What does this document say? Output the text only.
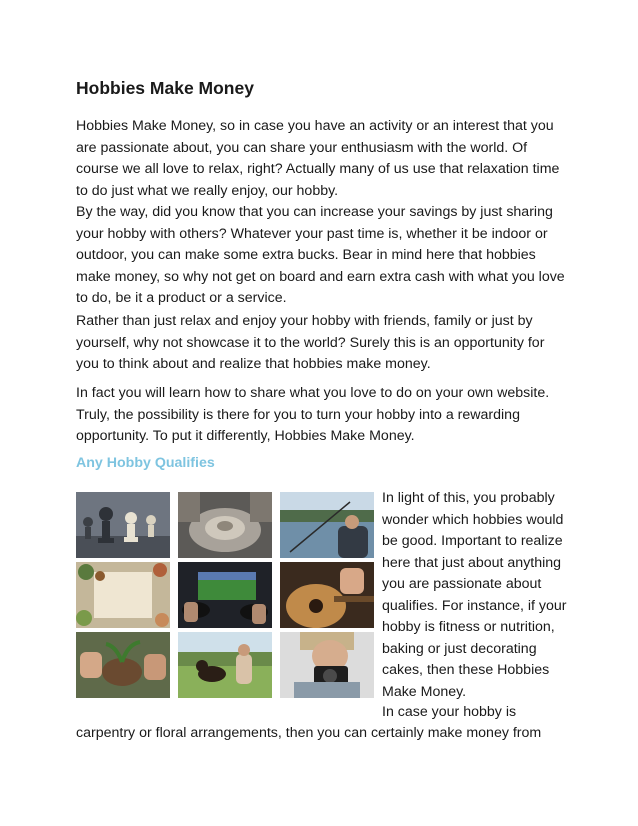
Hobbies Make Money

Hobbies Make Money, so in case you have an activity or an interest that you are passionate about, you can share your enthusiasm with the world. Of course we all love to relax, right? Actually many of us use that relaxation time to do just what we really enjoy, our hobby.

By the way, did you know that you can increase your savings by just sharing your hobby with others? Whatever your past time is, whether it be indoor or outdoor, you can make some extra bucks. Bear in mind here that hobbies make money, so why not get on board and earn extra cash with what you love to do, be it a product or a service.

Rather than just relax and enjoy your hobby with friends, family or just by yourself, why not showcase it to the world? Surely this is an opportunity for you to think about and realize that hobbies make money.

In fact you will learn how to share what you love to do on your own website. Truly, the possibility is there for you to turn your hobby into a rewarding opportunity. To put it differently, Hobbies Make Money.

Any Hobby Qualifies

In light of this, you probably wonder which hobbies would be good. Important to realize here that just about anything you are passionate about qualifies. For instance, if your hobby is fitness or nutrition, baking or just decorating cakes, then these Hobbies Make Money.

In case your hobby is

carpentry or floral arrangements, then you can certainly make money from
